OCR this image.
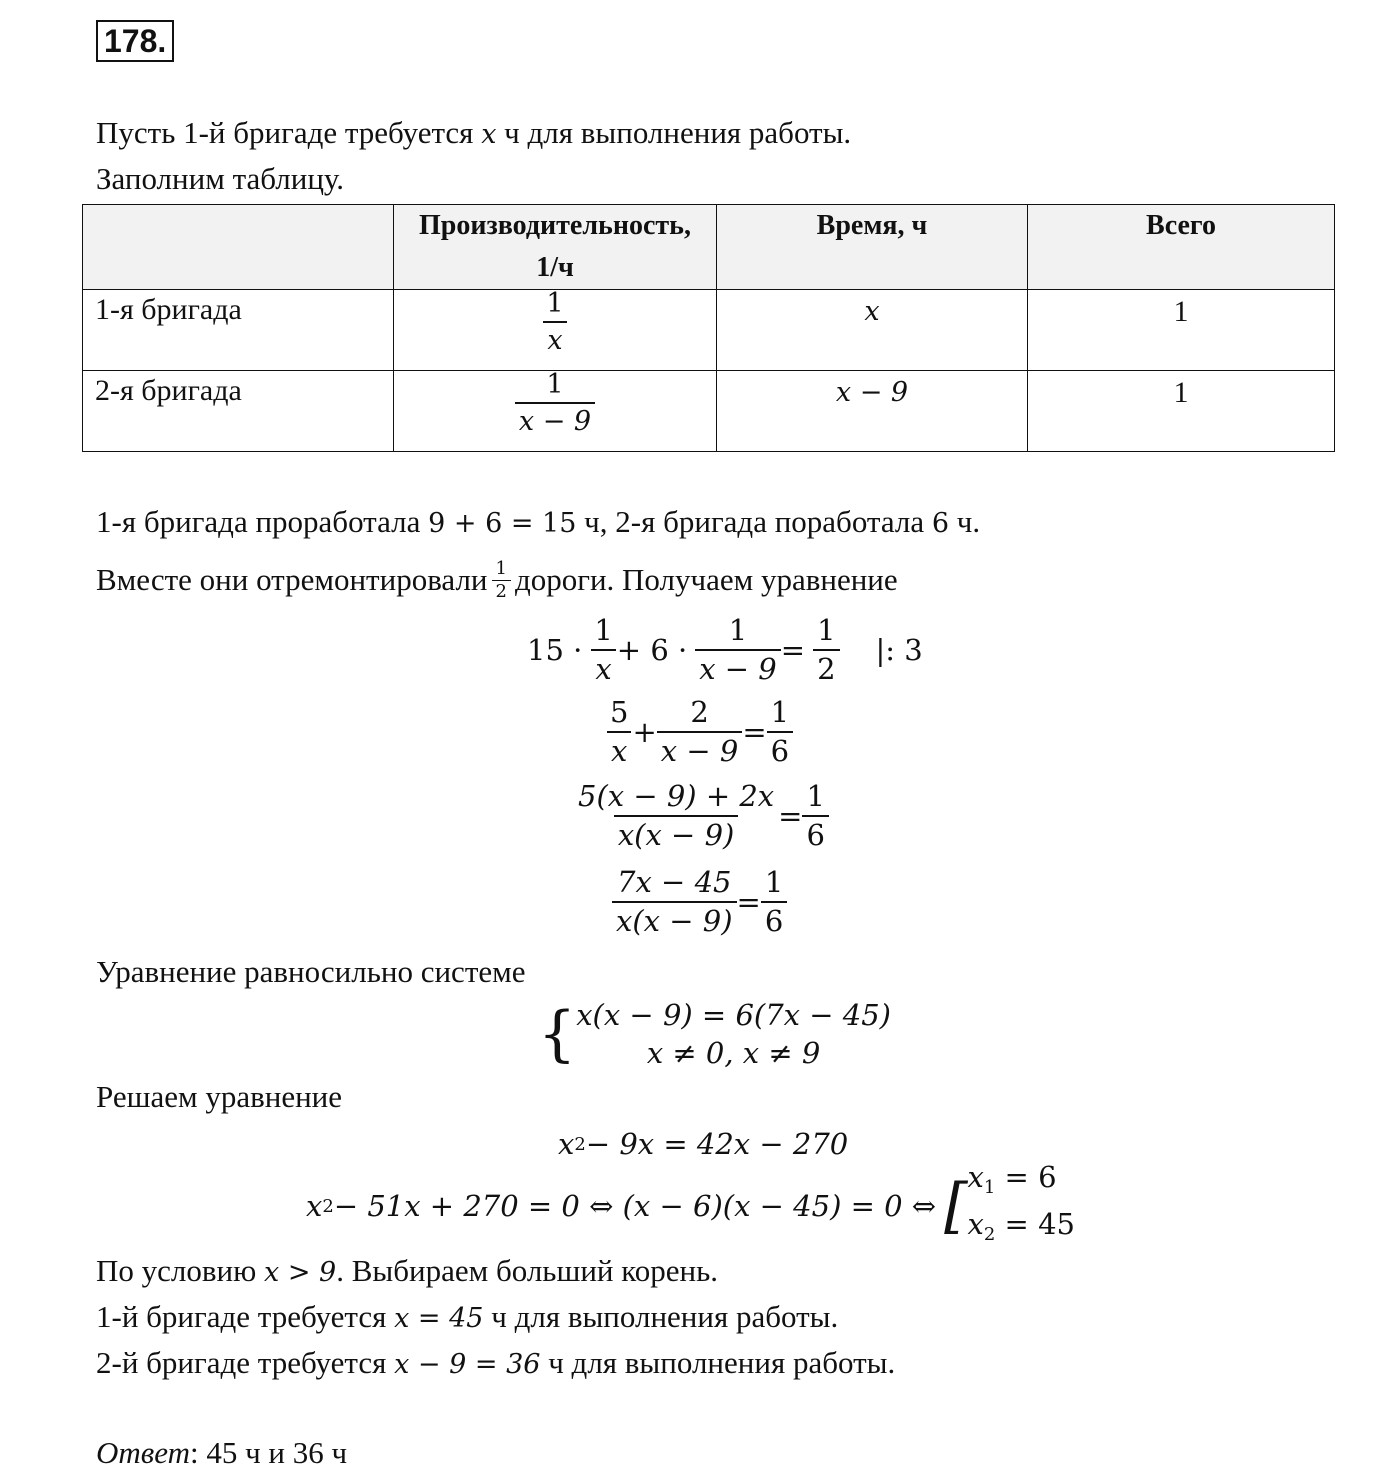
178.
Пусть 1-й бригаде требуется x ч для выполнения работы.
Заполним таблицу.

	Производительность,
1/ч	Время, ч	Всего
1-я бригада	$\frac{1}{x}$	x	1
2-я бригада	$\frac{1}{x - 9}$	x − 9	1
1-я бригада проработала 9 + 6 = 15 ч, 2-я бригада поработала 6 ч.
Вместе они отремонтировали $\frac{1}{2}$ дороги. Получаем уравнение
$15 \cdot \frac{1}{x} + 6 \cdot \frac{1}{x - 9} = \frac{1}{2}$ |: 3
$\frac{5}{x} + \frac{2}{x - 9} = \frac{1}{6}$
$\frac{5(x - 9) + 2x}{x(x - 9)} = \frac{1}{6}$
$\frac{7x - 45}{x(x - 9)} = \frac{1}{6}$
Уравнение равносильно системе
{ x(x − 9) = 6(7x − 45)
x ≠ 0, x ≠ 9
Решаем уравнение
x 2 − 9x = 42x − 270
x 2 − 51x + 270 = 0 ⇔ (x − 6)(x − 45) = 0 ⇔ [ $x_1 = 6$
$x_2 = 45$
По условию x > 9. Выбираем больший корень.
1-й бригаде требуется x = 45 ч для выполнения работы.
2-й бригаде требуется x − 9 = 36 ч для выполнения работы.
Ответ: 45 ч и 36 ч
